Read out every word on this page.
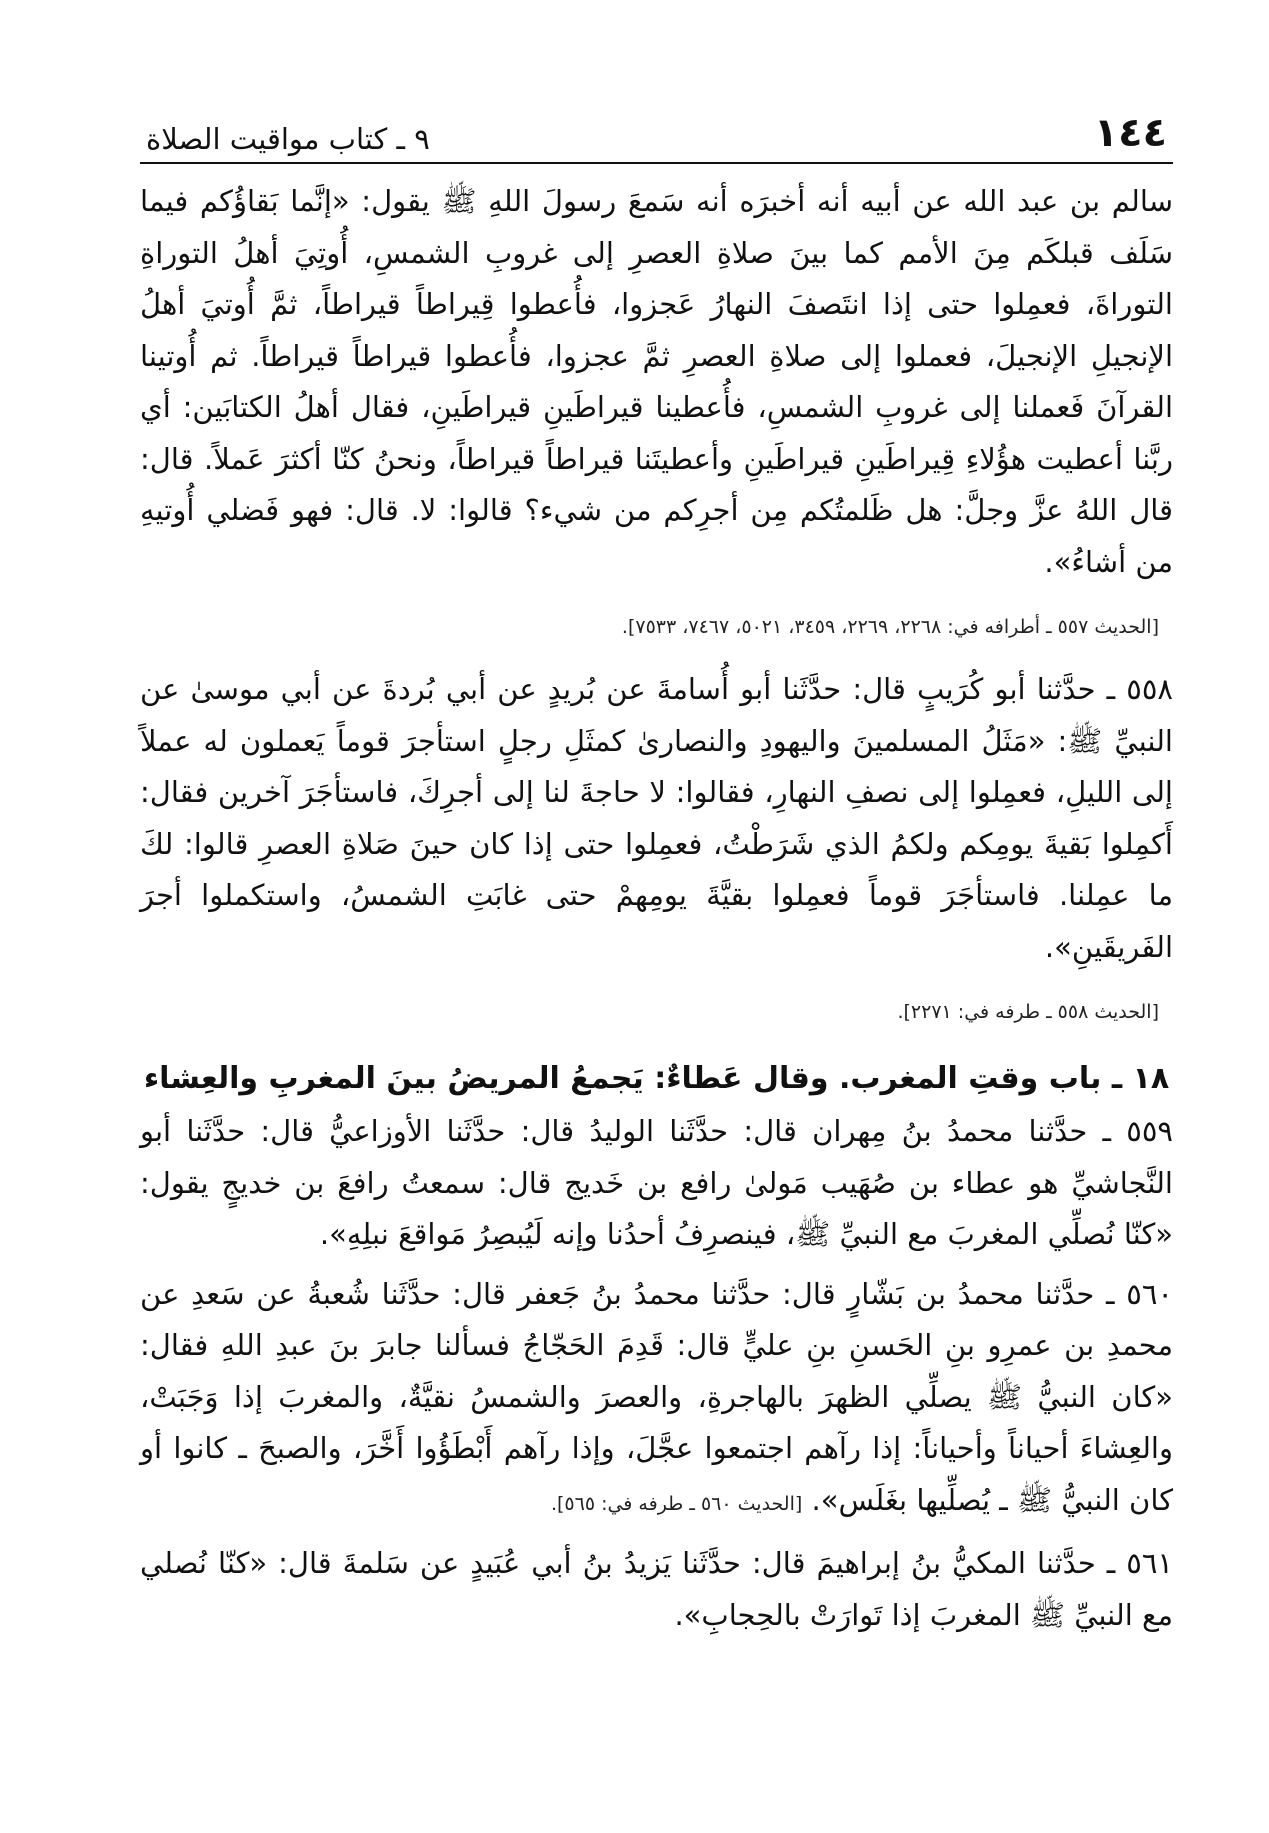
١٤٤
٩ ـ كتاب مواقيت الصلاة

سالم بن عبد الله عن أبيه أنه أخبرَه أنه سَمعَ رسولَ اللهِ ﷺ يقول: «إنَّما بَقاؤُكم فيما سَلَف قبلكَم مِنَ الأمم كما بينَ صلاةِ العصرِ إلى غروبِ الشمسِ، أُوتِيَ أهلُ التوراةِ التوراةَ، فعمِلوا حتى إذا انتَصفَ النهارُ عَجزوا، فأُعطوا قِيراطاً قيراطاً، ثمَّ أُوتيَ أهلُ الإنجيلِ الإنجيلَ، فعملوا إلى صلاةِ العصرِ ثمَّ عجزوا، فأُعطوا قيراطاً قيراطاً. ثم أُوتينا القرآنَ فَعملنا إلى غروبِ الشمسِ، فأُعطينا قيراطَينِ قيراطَينِ، فقال أهلُ الكتابَين: أي ربَّنا أعطيت هؤُلاءِ قِيراطَينِ قيراطَينِ وأعطيتَنا قيراطاً قيراطاً، ونحنُ كنّا أكثرَ عَملاً. قال: قال اللهُ عزَّ وجلَّ: هل ظَلمتُكم مِن أجرِكم من شيء؟ قالوا: لا. قال: فهو فَضلي أُوتيهِ من أشاءُ».

[الحديث ٥٥٧ ـ أطرافه في: ٢٢٦٨، ٢٢٦٩، ٣٤٥٩، ٥٠٢١، ٧٤٦٧، ٧٥٣٣].

٥٥٨ ـ حدَّثنا أبو كُرَيبٍ قال: حدَّثَنا أبو أُسامةَ عن بُريدٍ عن أبي بُردةَ عن أبي موسىٰ عن النبيِّ ﷺ: «مَثَلُ المسلمينَ واليهودِ والنصارىٰ كمثَلِ رجلٍ استأجرَ قوماً يَعملون له عملاً إلى الليلِ، فعمِلوا إلى نصفِ النهارِ، فقالوا: لا حاجةَ لنا إلى أجرِكَ، فاستأجَرَ آخرين فقال: أَكمِلوا بَقيةَ يومِكم ولكمُ الذي شَرَطْتُ، فعمِلوا حتى إذا كان حينَ صَلاةِ العصرِ قالوا: لكَ ما عمِلنا. فاستأجَرَ قوماً فعمِلوا بقيَّةَ يومِهمْ حتى غابَتِ الشمسُ، واستكملوا أجرَ الفَريقَينِ».

[الحديث ٥٥٨ ـ طرفه في: ٢٢٧١].
١٨ ـ باب وقتِ المغرب. وقال عَطاءٌ: يَجمعُ المريضُ بينَ المغربِ والعِشاء

٥٥٩ ـ حدَّثنا محمدُ بنُ مِهران قال: حدَّثَنا الوليدُ قال: حدَّثَنا الأوزاعيُّ قال: حدَّثَنا أبو النَّجاشيِّ هو عطاء بن صُهَيب مَولىٰ رافع بن خَديج قال: سمعتُ رافعَ بن خديجٍ يقول: «كنّا نُصلِّي المغربَ مع النبيِّ ﷺ، فينصرِفُ أحدُنا وإنه لَيُبصِرُ مَواقعَ نبلِهِ».

٥٦٠ ـ حدَّثنا محمدُ بن بَشّارٍ قال: حدَّثنا محمدُ بنُ جَعفر قال: حدَّثَنا شُعبةُ عن سَعدِ عن محمدِ بن عمرِو بنِ الحَسنِ بنِ عليٍّ قال: قَدِمَ الحَجّاجُ فسألنا جابرَ بنَ عبدِ اللهِ فقال: «كان النبيُّ ﷺ يصلِّي الظهرَ بالهاجرةِ، والعصرَ والشمسُ نقيَّةٌ، والمغربَ إذا وَجَبَتْ، والعِشاءَ أحياناً وأحياناً: إذا رآهم اجتمعوا عجَّلَ، وإذا رآهم أَبْطَؤُوا أَخَّرَ، والصبحَ ـ كانوا أو كان النبيُّ ﷺ ـ يُصلِّيها بغَلَس». [الحديث ٥٦٠ ـ طرفه في: ٥٦٥].

٥٦١ ـ حدَّثنا المكيُّ بنُ إبراهيمَ قال: حدَّثَنا يَزيدُ بنُ أبي عُبَيدٍ عن سَلمةَ قال: «كنّا نُصلي مع النبيِّ ﷺ المغربَ إذا تَوارَتْ بالحِجابِ».
